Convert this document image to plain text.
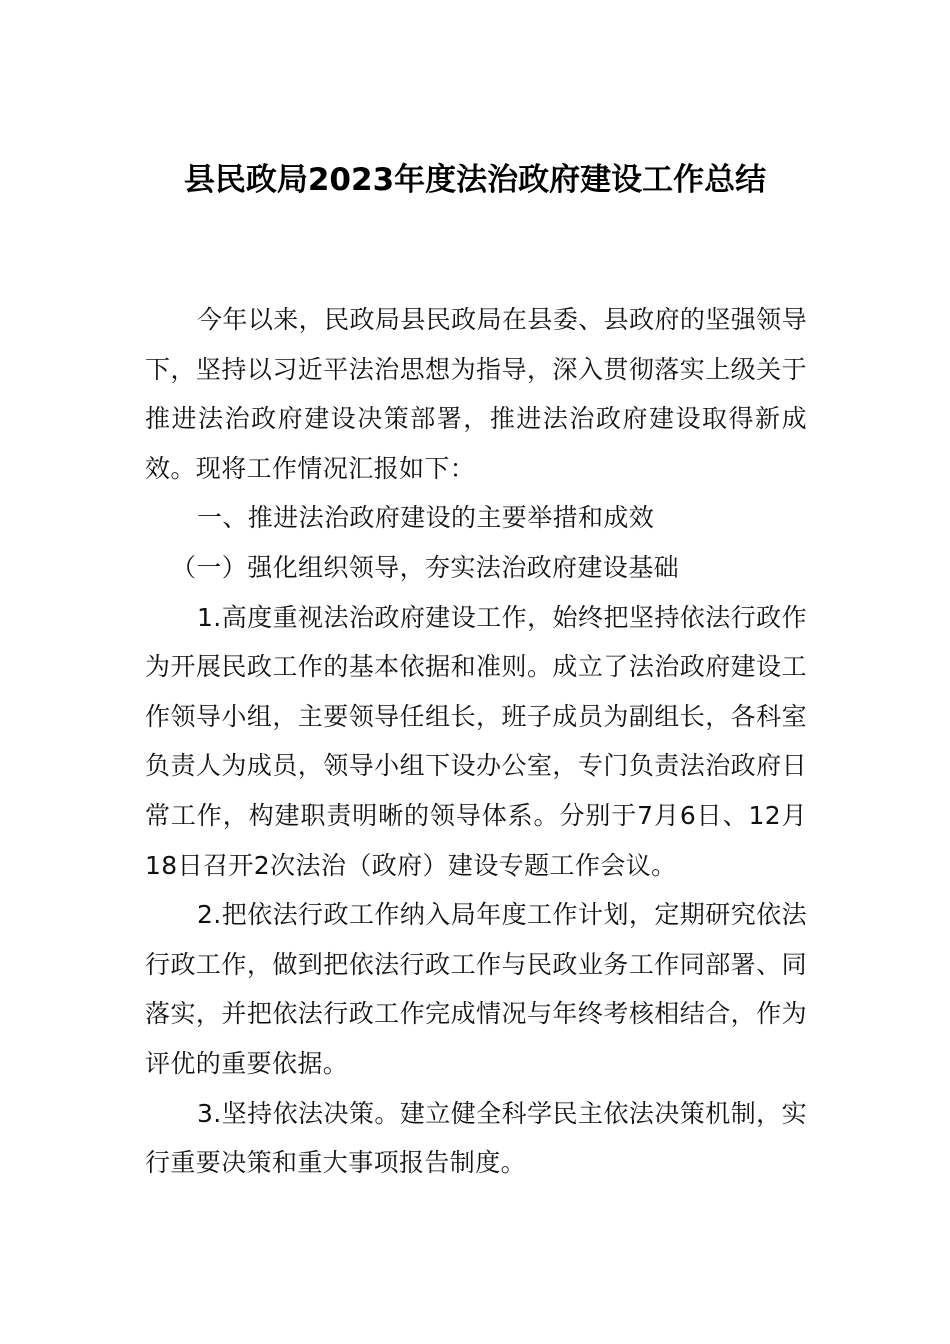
县民政局2023年度法治政府建设工作总结

今年以来，民政局县民政局在县委、县政府的坚强领导下，坚持以习近平法治思想为指导，深入贯彻落实上级关于推进法治政府建设决策部署，推进法治政府建设取得新成效。现将工作情况汇报如下：

一、推进法治政府建设的主要举措和成效

（一）强化组织领导，夯实法治政府建设基础

1.高度重视法治政府建设工作，始终把坚持依法行政作为开展民政工作的基本依据和准则。成立了法治政府建设工作领导小组，主要领导任组长，班子成员为副组长，各科室负责人为成员，领导小组下设办公室，专门负责法治政府日常工作，构建职责明晰的领导体系。分别于7月6日、12月18日召开2次法治（政府）建设专题工作会议。

2.把依法行政工作纳入局年度工作计划，定期研究依法行政工作，做到把依法行政工作与民政业务工作同部署、同落实，并把依法行政工作完成情况与年终考核相结合，作为评优的重要依据。

3.坚持依法决策。建立健全科学民主依法决策机制，实行重要决策和重大事项报告制度。
